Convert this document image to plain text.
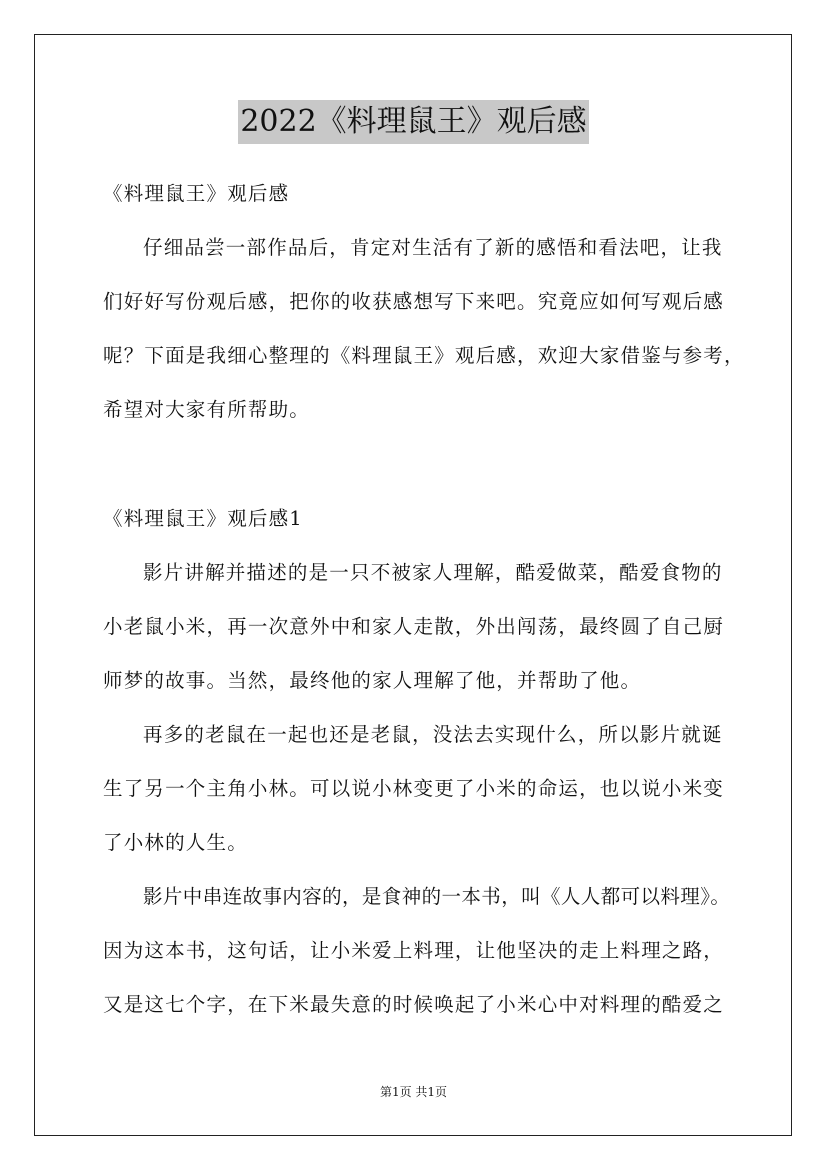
2022《料理鼠王》观后感
《料理鼠王》观后感
仔细品尝一部作品后，肯定对生活有了新的感悟和看法吧，让我
们好好写份观后感，把你的收获感想写下来吧。究竟应如何写观后感
呢？下面是我细心整理的《料理鼠王》观后感，欢迎大家借鉴与参考，
希望对大家有所帮助。
《料理鼠王》观后感1
影片讲解并描述的是一只不被家人理解，酷爱做菜，酷爱食物的
小老鼠小米，再一次意外中和家人走散，外出闯荡，最终圆了自己厨
师梦的故事。当然，最终他的家人理解了他，并帮助了他。
再多的老鼠在一起也还是老鼠，没法去实现什么，所以影片就诞
生了另一个主角小林。可以说小林变更了小米的命运，也以说小米变
了小林的人生。
影片中串连故事内容的，是食神的一本书，叫《人人都可以料理》。
因为这本书，这句话，让小米爱上料理，让他坚决的走上料理之路，
又是这七个字，在下米最失意的时候唤起了小米心中对料理的酷爱之
第1页 共1页
